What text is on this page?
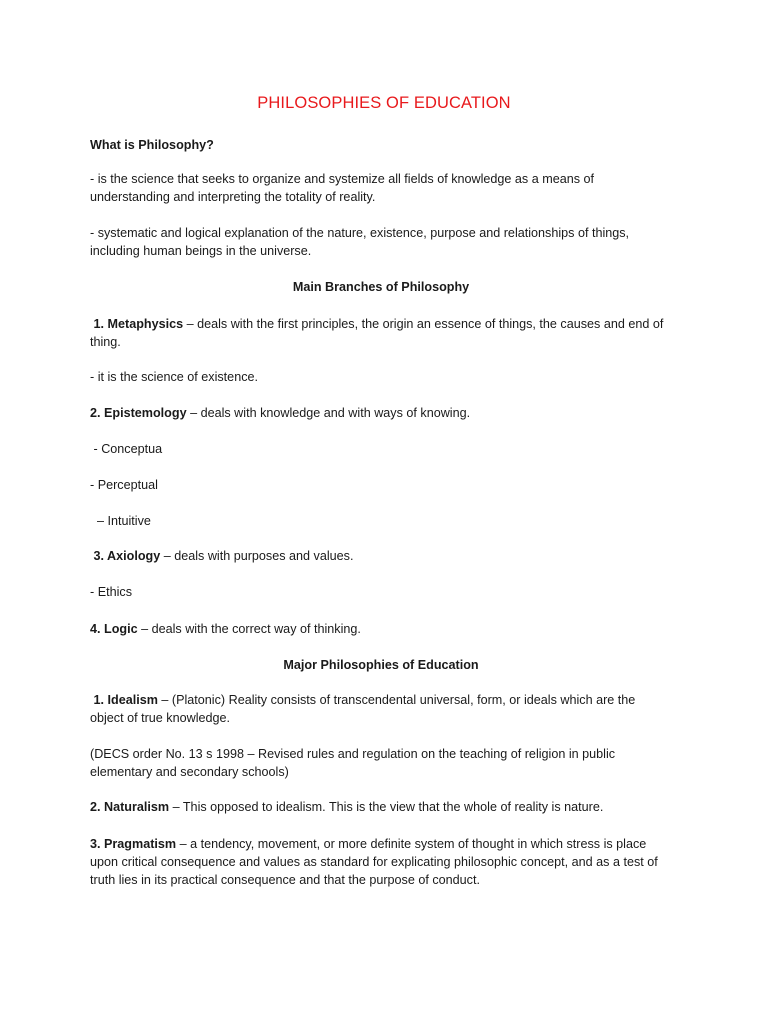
PHILOSOPHIES OF EDUCATION

What is Philosophy?

- is the science that seeks to organize and systemize all fields of knowledge as a means of understanding and interpreting the totality of reality.

- systematic and logical explanation of the nature, existence, purpose and relationships of things, including human beings in the universe.

Main Branches of Philosophy

1. Metaphysics – deals with the first principles, the origin an essence of things, the causes and end of thing.

- it is the science of existence.

2. Epistemology – deals with knowledge and with ways of knowing.

- Conceptua

- Perceptual

– Intuitive

3. Axiology – deals with purposes and values.

- Ethics

4. Logic – deals with the correct way of thinking.

Major Philosophies of Education

1. Idealism – (Platonic) Reality consists of transcendental universal, form, or ideals which are the object of true knowledge.

(DECS order No. 13 s 1998 – Revised rules and regulation on the teaching of religion in public elementary and secondary schools)

2. Naturalism – This opposed to idealism. This is the view that the whole of reality is nature.

3. Pragmatism – a tendency, movement, or more definite system of thought in which stress is place upon critical consequence and values as standard for explicating philosophic concept, and as a test of truth lies in its practical consequence and that the purpose of conduct.
